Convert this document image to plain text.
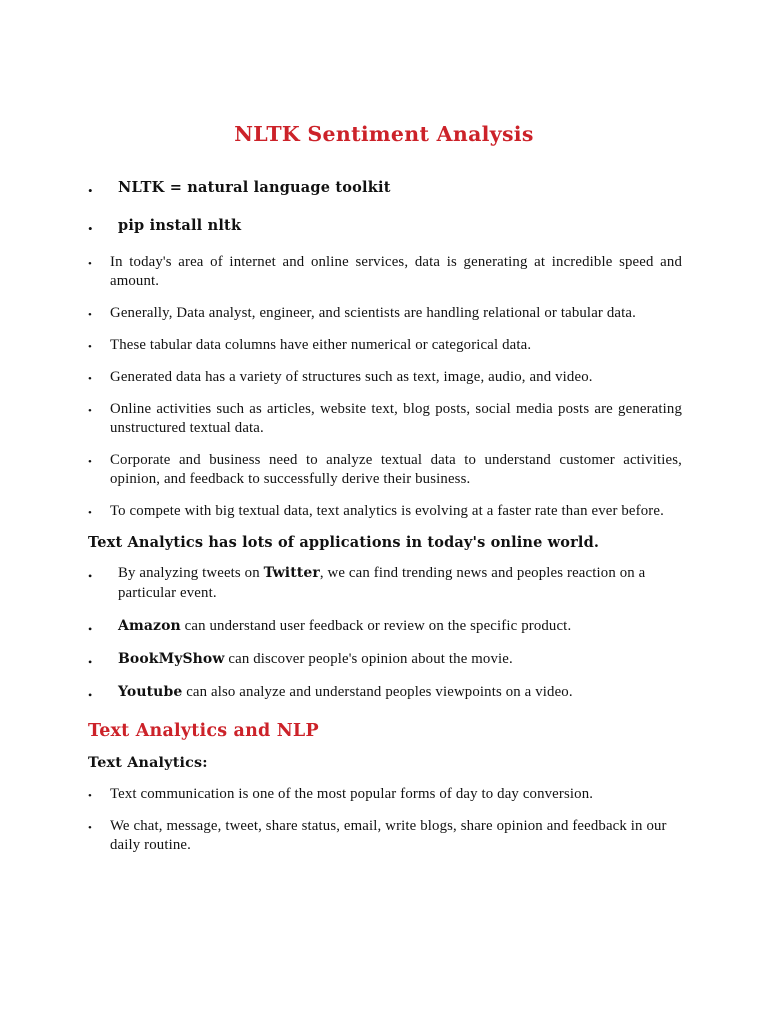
NLTK Sentiment Analysis
•	NLTK = natural language toolkit
•	pip install nltk
•	In today's area of internet and online services, data is generating at incredible speed and amount.
•	Generally, Data analyst, engineer, and scientists are handling relational or tabular data.
•	These tabular data columns have either numerical or categorical data.
•	Generated data has a variety of structures such as text, image, audio, and video.
•	Online activities such as articles, website text, blog posts, social media posts are generating unstructured textual data.
•	Corporate and business need to analyze textual data to understand customer activities, opinion, and feedback to successfully derive their business.
•	To compete with big textual data, text analytics is evolving at a faster rate than ever before.

Text Analytics has lots of applications in today's online world.

•	By analyzing tweets on Twitter, we can find trending news and peoples reaction on a particular event.
•	Amazon can understand user feedback or review on the specific product.
•	BookMyShow can discover people's opinion about the movie.
•	Youtube can also analyze and understand peoples viewpoints on a video.
Text Analytics and NLP
Text Analytics:
•	Text communication is one of the most popular forms of day to day conversion.
•	We chat, message, tweet, share status, email, write blogs, share opinion and feedback in our daily routine.
